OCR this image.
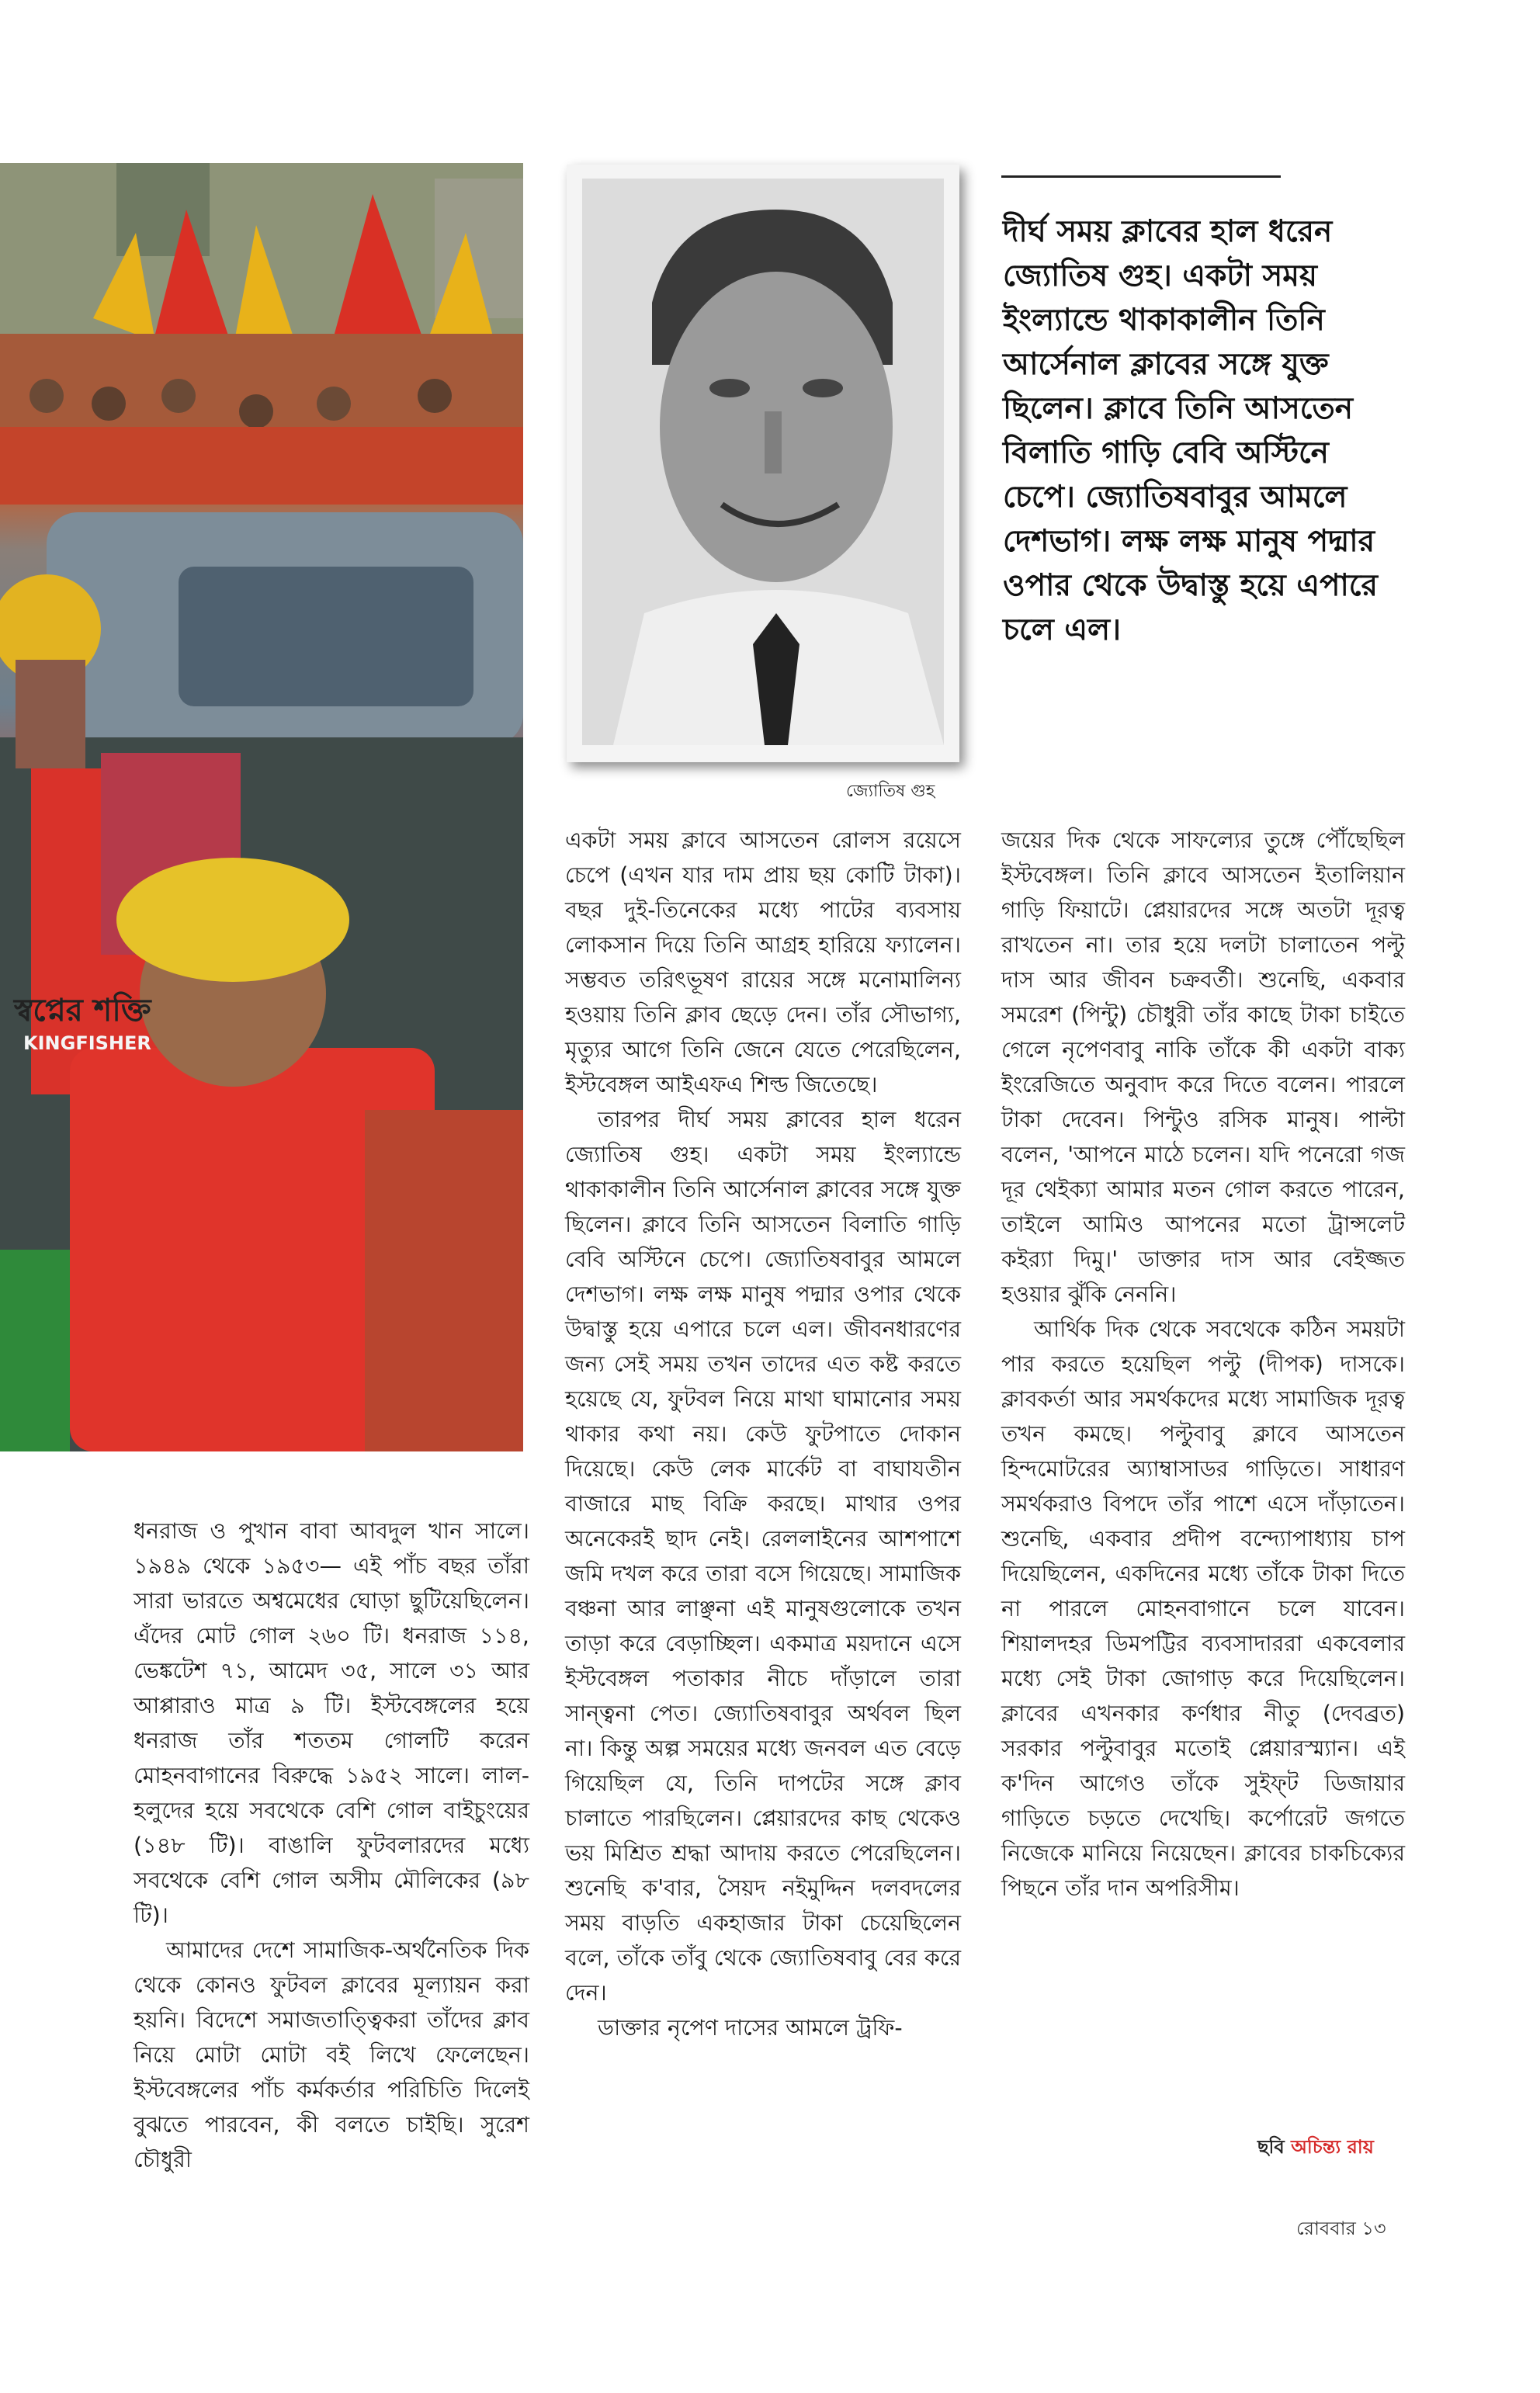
স্বপ্নের শক্তি
KINGFISHER
জ্যোতিষ গুহ
দীর্ঘ সময় ক্লাবের হাল ধরেন জ্যোতিষ গুহ। একটা সময় ইংল্যান্ডে থাকাকালীন তিনি আর্সেনাল ক্লাবের সঙ্গে যুক্ত ছিলেন। ক্লাবে তিনি আসতেন বিলাতি গাড়ি বেবি অস্টিনে চেপে। জ্যোতিষবাবুর আমলে দেশভাগ। লক্ষ লক্ষ মানুষ পদ্মার ওপার থেকে উদ্বাস্তু হয়ে এপারে চলে এল।

ধনরাজ ও পুখান বাবা আবদুল খান সালে। ১৯৪৯ থেকে ১৯৫৩— এই পাঁচ বছর তাঁরা সারা ভারতে অশ্বমেধের ঘোড়া ছুটিয়েছিলেন। এঁদের মোট গোল ২৬০ টি। ধনরাজ ১১৪, ভেঙ্কটেশ ৭১, আমেদ ৩৫, সালে ৩১ আর আপ্পারাও মাত্র ৯ টি। ইস্টবেঙ্গলের হয়ে ধনরাজ তাঁর শততম গোলটি করেন মোহনবাগানের বিরুদ্ধে ১৯৫২ সালে। লাল-হলুদের হয়ে সবথেকে বেশি গোল বাইচুংয়ের (১৪৮ টি)। বাঙালি ফুটবলারদের মধ্যে সবথেকে বেশি গোল অসীম মৌলিকের (৯৮ টি)।

আমাদের দেশে সামাজিক-অর্থনৈতিক দিক থেকে কোনও ফুটবল ক্লাবের মূল্যায়ন করা হয়নি। বিদেশে সমাজতাত্ত্বিকরা তাঁদের ক্লাব নিয়ে মোটা মোটা বই লিখে ফেলেছেন। ইস্টবেঙ্গলের পাঁচ কর্মকর্তার পরিচিতি দিলেই বুঝতে পারবেন, কী বলতে চাইছি। সুরেশ চৌধুরী

একটা সময় ক্লাবে আসতেন রোলস রয়েসে চেপে (এখন যার দাম প্রায় ছয় কোটি টাকা)। বছর দুই-তিনেকের মধ্যে পাটের ব্যবসায় লোকসান দিয়ে তিনি আগ্রহ হারিয়ে ফ্যালেন। সম্ভবত তরিৎভূষণ রায়ের সঙ্গে মনোমালিন্য হওয়ায় তিনি ক্লাব ছেড়ে দেন। তাঁর সৌভাগ্য, মৃত্যুর আগে তিনি জেনে যেতে পেরেছিলেন, ইস্টবেঙ্গল আইএফএ শিল্ড জিতেছে।

তারপর দীর্ঘ সময় ক্লাবের হাল ধরেন জ্যোতিষ গুহ। একটা সময় ইংল্যান্ডে থাকাকালীন তিনি আর্সেনাল ক্লাবের সঙ্গে যুক্ত ছিলেন। ক্লাবে তিনি আসতেন বিলাতি গাড়ি বেবি অস্টিনে চেপে। জ্যোতিষবাবুর আমলে দেশভাগ। লক্ষ লক্ষ মানুষ পদ্মার ওপার থেকে উদ্বাস্তু হয়ে এপারে চলে এল। জীবনধারণের জন্য সেই সময় তখন তাদের এত কষ্ট করতে হয়েছে যে, ফুটবল নিয়ে মাথা ঘামানোর সময় থাকার কথা নয়। কেউ ফুটপাতে দোকান দিয়েছে। কেউ লেক মার্কেট বা বাঘাযতীন বাজারে মাছ বিক্রি করছে। মাথার ওপর অনেকেরই ছাদ নেই। রেললাইনের আশপাশে জমি দখল করে তারা বসে গিয়েছে। সামাজিক বঞ্চনা আর লাঞ্ছনা এই মানুষগুলোকে তখন তাড়া করে বেড়াচ্ছিল। একমাত্র ময়দানে এসে ইস্টবেঙ্গল পতাকার নীচে দাঁড়ালে তারা সান্ত্বনা পেত। জ্যোতিষবাবুর অর্থবল ছিল না। কিন্তু অল্প সময়ের মধ্যে জনবল এত বেড়ে গিয়েছিল যে, তিনি দাপটের সঙ্গে ক্লাব চালাতে পারছিলেন। প্লেয়ারদের কাছ থেকেও ভয় মিশ্রিত শ্রদ্ধা আদায় করতে পেরেছিলেন। শুনেছি ক'বার, সৈয়দ নইমুদ্দিন দলবদলের সময় বাড়তি একহাজার টাকা চেয়েছিলেন বলে, তাঁকে তাঁবু থেকে জ্যোতিষবাবু বের করে দেন।

ডাক্তার নৃপেণ দাসের আমলে ট্রফি-

জয়ের দিক থেকে সাফল্যের তুঙ্গে পৌঁছেছিল ইস্টবেঙ্গল। তিনি ক্লাবে আসতেন ইতালিয়ান গাড়ি ফিয়াটে। প্লেয়ারদের সঙ্গে অতটা দূরত্ব রাখতেন না। তার হয়ে দলটা চালাতেন পল্টু দাস আর জীবন চক্রবর্তী। শুনেছি, একবার সমরেশ (পিন্টু) চৌধুরী তাঁর কাছে টাকা চাইতে গেলে নৃপেণবাবু নাকি তাঁকে কী একটা বাক্য ইংরেজিতে অনুবাদ করে দিতে বলেন। পারলে টাকা দেবেন। পিন্টুও রসিক মানুষ। পাল্টা বলেন, 'আপনে মাঠে চলেন। যদি পনেরো গজ দূর থেইক্যা আমার মতন গোল করতে পারেন, তাইলে আমিও আপনের মতো ট্রান্সলেট কইর‍্যা দিমু।' ডাক্তার দাস আর বেইজ্জত হওয়ার ঝুঁকি নেননি।

আর্থিক দিক থেকে সবথেকে কঠিন সময়টা পার করতে হয়েছিল পল্টু (দীপক) দাসকে। ক্লাবকর্তা আর সমর্থকদের মধ্যে সামাজিক দূরত্ব তখন কমছে। পল্টুবাবু ক্লাবে আসতেন হিন্দমোটরের অ্যাম্বাসাডর গাড়িতে। সাধারণ সমর্থকরাও বিপদে তাঁর পাশে এসে দাঁড়াতেন। শুনেছি, একবার প্রদীপ বন্দ্যোপাধ্যায় চাপ দিয়েছিলেন, একদিনের মধ্যে তাঁকে টাকা দিতে না পারলে মোহনবাগানে চলে যাবেন। শিয়ালদহর ডিমপট্টির ব্যবসাদাররা একবেলার মধ্যে সেই টাকা জোগাড় করে দিয়েছিলেন। ক্লাবের এখনকার কর্ণধার নীতু (দেবব্রত) সরকার পল্টুবাবুর মতোই প্লেয়ারস্ম্যান। এই ক'দিন আগেও তাঁকে সুইফ্‌ট ডিজায়ার গাড়িতে চড়তে দেখেছি। কর্পোরেট জগতে নিজেকে মানিয়ে নিয়েছেন। ক্লাবের চাকচিক্যের পিছনে তাঁর দান অপরিসীম।

ছবি অচিন্ত্য রায়
রোববার ১৩
